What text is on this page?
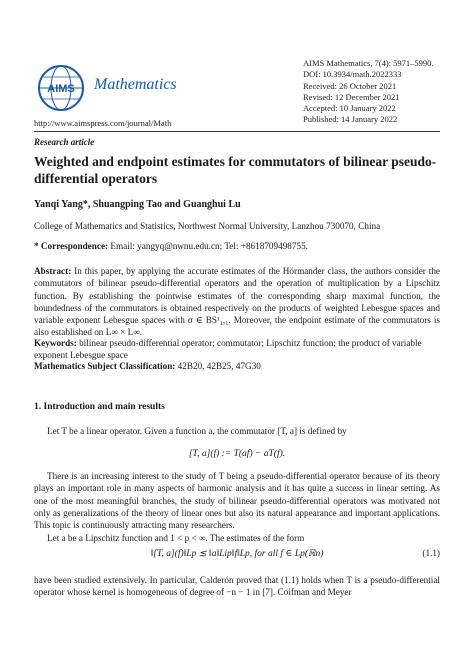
AIMS Mathematics
http://www.aimspress.com/journal/Math
AIMS Mathematics, 7(4): 5971–5990.
DOI: 10.3934/math.2022333
Received: 26 October 2021
Revised: 12 December 2021
Accepted: 10 January 2022
Published: 14 January 2022
Research article
Weighted and endpoint estimates for commutators of bilinear pseudo-differential operators
Yanqi Yang*, Shuangping Tao and Guanghui Lu
College of Mathematics and Statistics, Northwest Normal University, Lanzhou 730070, China
* Correspondence: Email: yangyq@nwnu.edu.cn; Tel: +8618709498755.
Abstract: In this paper, by applying the accurate estimates of the Hörmander class, the authors consider the commutators of bilinear pseudo-differential operators and the operation of multiplication by a Lipschitz function. By establishing the pointwise estimates of the corresponding sharp maximal function, the boundedness of the commutators is obtained respectively on the products of weighted Lebesgue spaces and variable exponent Lebesgue spaces with σ ∈ BS¹₁,₁. Moreover, the endpoint estimate of the commutators is also established on L∞ × L∞.
Keywords: bilinear pseudo-differential operator; commutator; Lipschitz function; the product of variable exponent Lebesgue space
Mathematics Subject Classification: 42B20, 42B25, 47G30
1. Introduction and main results
Let T be a linear operator. Given a function a, the commutator [T, a] is defined by
[T, a](f) := T(af) − aT(f).
There is an increasing interest to the study of T being a pseudo-differential operator because of its theory plays an important role in many aspects of harmonic analysis and it has quite a success in linear setting. As one of the most meaningful branches, the study of bilinear pseudo-differential operators was motivated not only as generalizations of the theory of linear ones but also its natural appearance and important applications. This topic is continuously attracting many researchers.
Let a be a Lipschitz function and 1 < p < ∞. The estimates of the form
‖[T, a](f)‖Lp ≲ ‖a‖Lip‖f‖Lp, for all f ∈ Lp(ℝn)	(1.1)
have been studied extensively. In particular, Calderón proved that (1.1) holds when T is a pseudo-differential operator whose kernel is homogeneous of degree of −n − 1 in [7]. Coifman and Meyer
